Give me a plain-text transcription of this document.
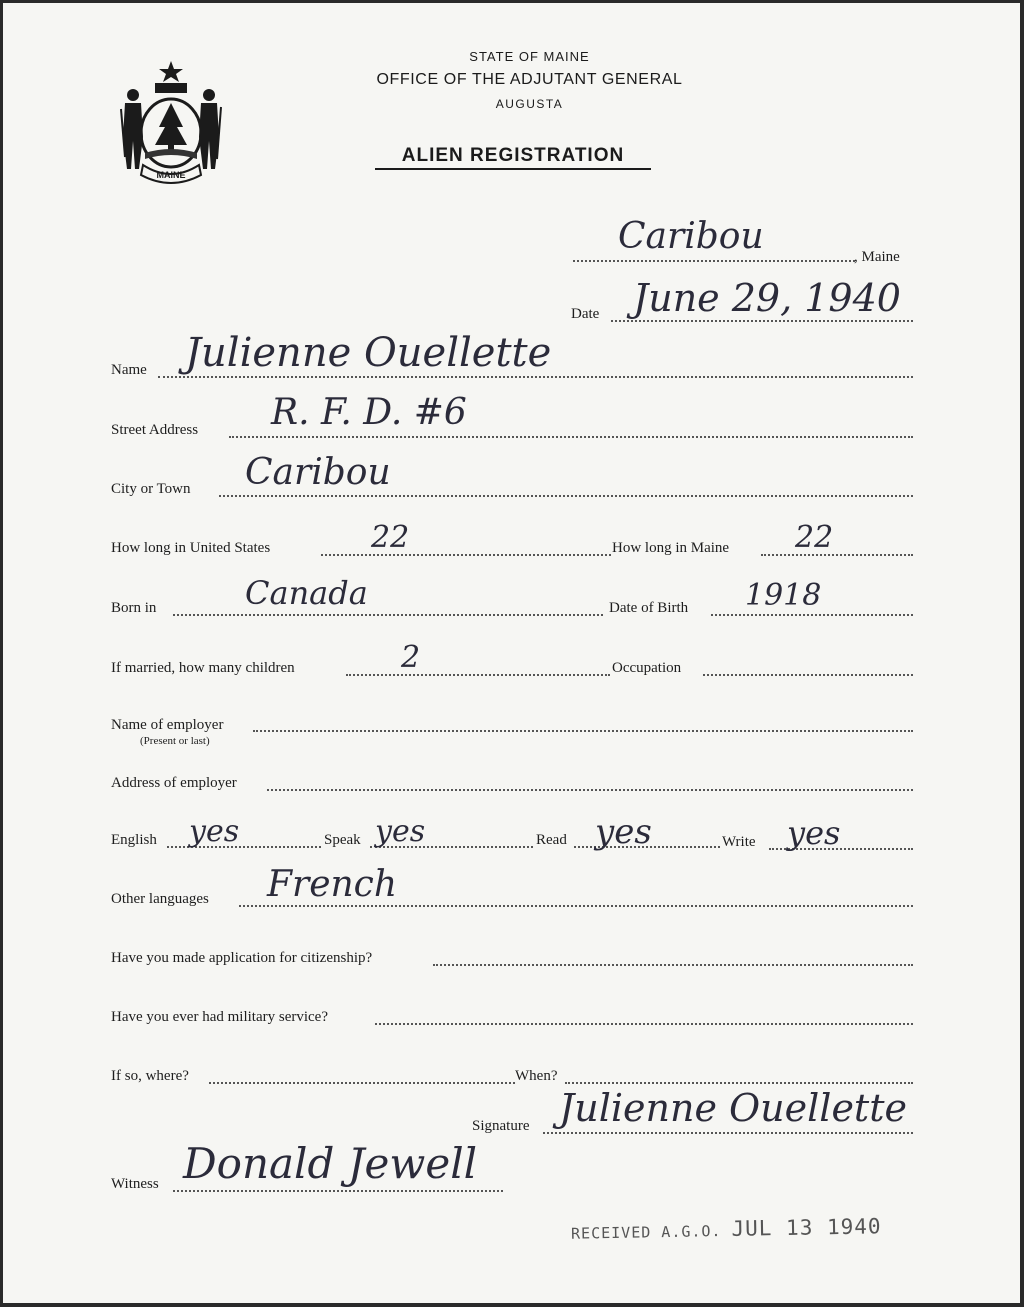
MAINE
STATE OF MAINE
OFFICE OF THE ADJUTANT GENERAL
AUGUSTA
ALIEN REGISTRATION
Caribou	, Maine
Date June 29, 1940
Name Julienne Ouellette
Street Address R. F. D. #6
City or Town Caribou
How long in United States	22	How long in Maine 22
Born in	Canada	Date of Birth 1918
If married, how many children	2	Occupation
Name of employer
(Present or last)
Address of employer
English yes	Speak yes	Read yes	Write yes
Other languages French
Have you made application for citizenship?
Have you ever had military service?
If so, where?	When?
Signature Julienne Ouellette
Witness Donald Jewell
RECEIVED A.G.O. JUL 13 1940
